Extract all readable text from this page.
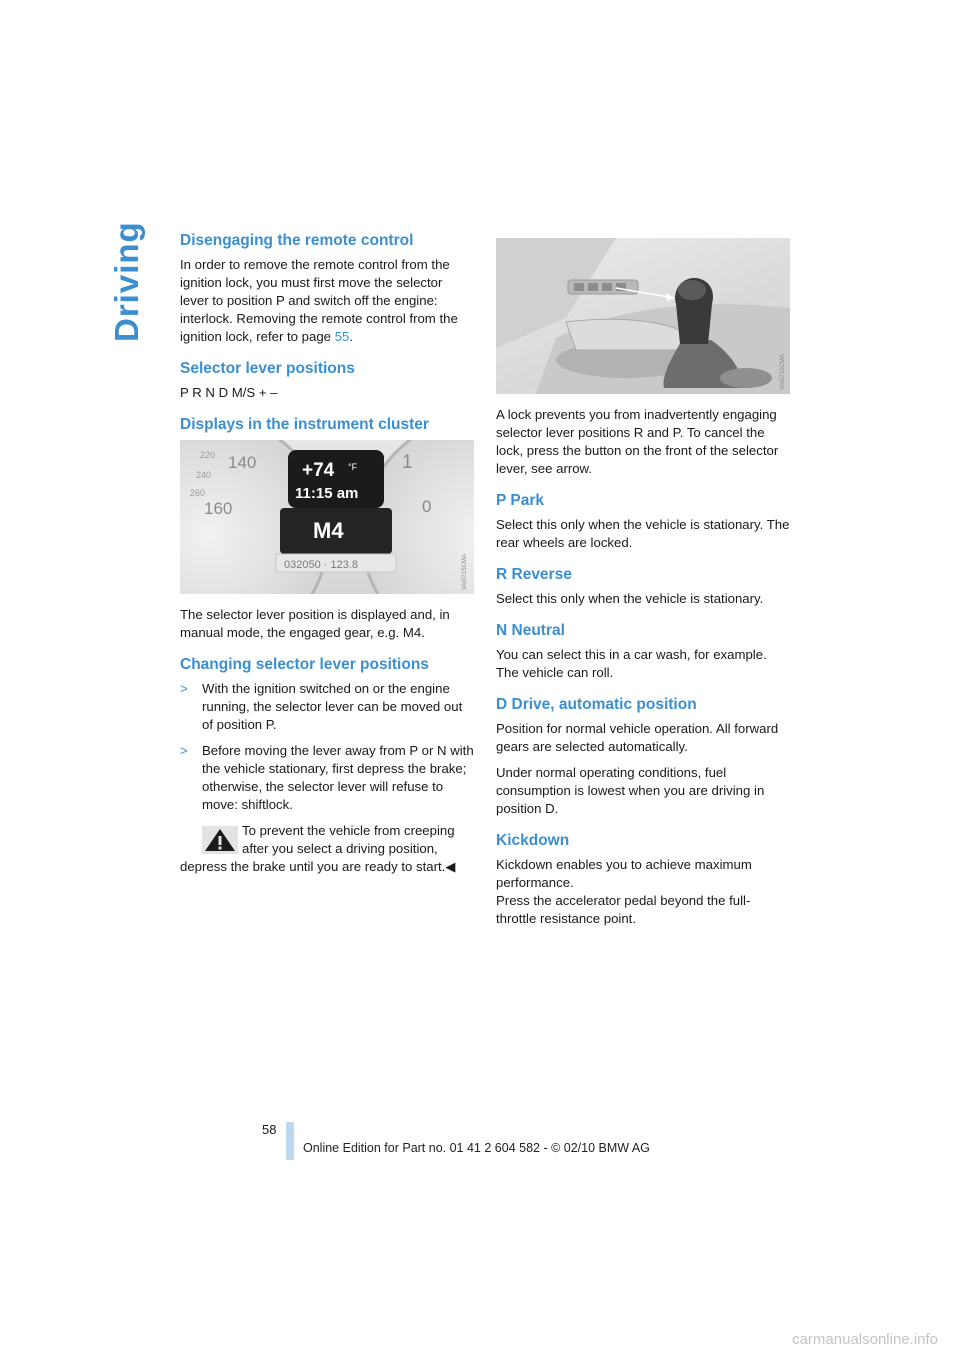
Driving	Disengaging the remote control

In order to remove the remote control from the ignition lock, you must first move the selector lever to position P and switch off the engine: interlock. Removing the remote control from the ignition lock, refer to page 55.

Selector lever positions

P R N D M/S + –

Displays in the instrument cluster
220 140
240
260
160
1
0
+74 °F
11:15 am
M4
032050 · 123.8	VAI0715CMA

The selector lever position is displayed and, in manual mode, the engaged gear, e.g. M4.

Changing selector lever positions
> With the ignition switched on or the engine running, the selector lever can be moved out of position P.
> Before moving the lever away from P or N with the vehicle stationary, first depress the brake; otherwise, the selector lever will refuse to move: shiftlock.
To prevent the vehicle from creeping
after you select a driving position,
depress the brake until you are ready to start.◀
VAI0715CMA

A lock prevents you from inadvertently engaging selector lever positions R and P. To cancel the lock, press the button on the front of the selector lever, see arrow.

P Park

Select this only when the vehicle is stationary. The rear wheels are locked.

R Reverse

Select this only when the vehicle is stationary.

N Neutral

You can select this in a car wash, for example. The vehicle can roll.

D Drive, automatic position

Position for normal vehicle operation. All forward gears are selected automatically.

Under normal operating conditions, fuel consumption is lowest when you are driving in position D.

Kickdown

Kickdown enables you to achieve maximum performance.

Press the accelerator pedal beyond the full-throttle resistance point.

58
Online Edition for Part no. 01 41 2 604 582 - © 02/10 BMW AG
carmanualsonline.info
